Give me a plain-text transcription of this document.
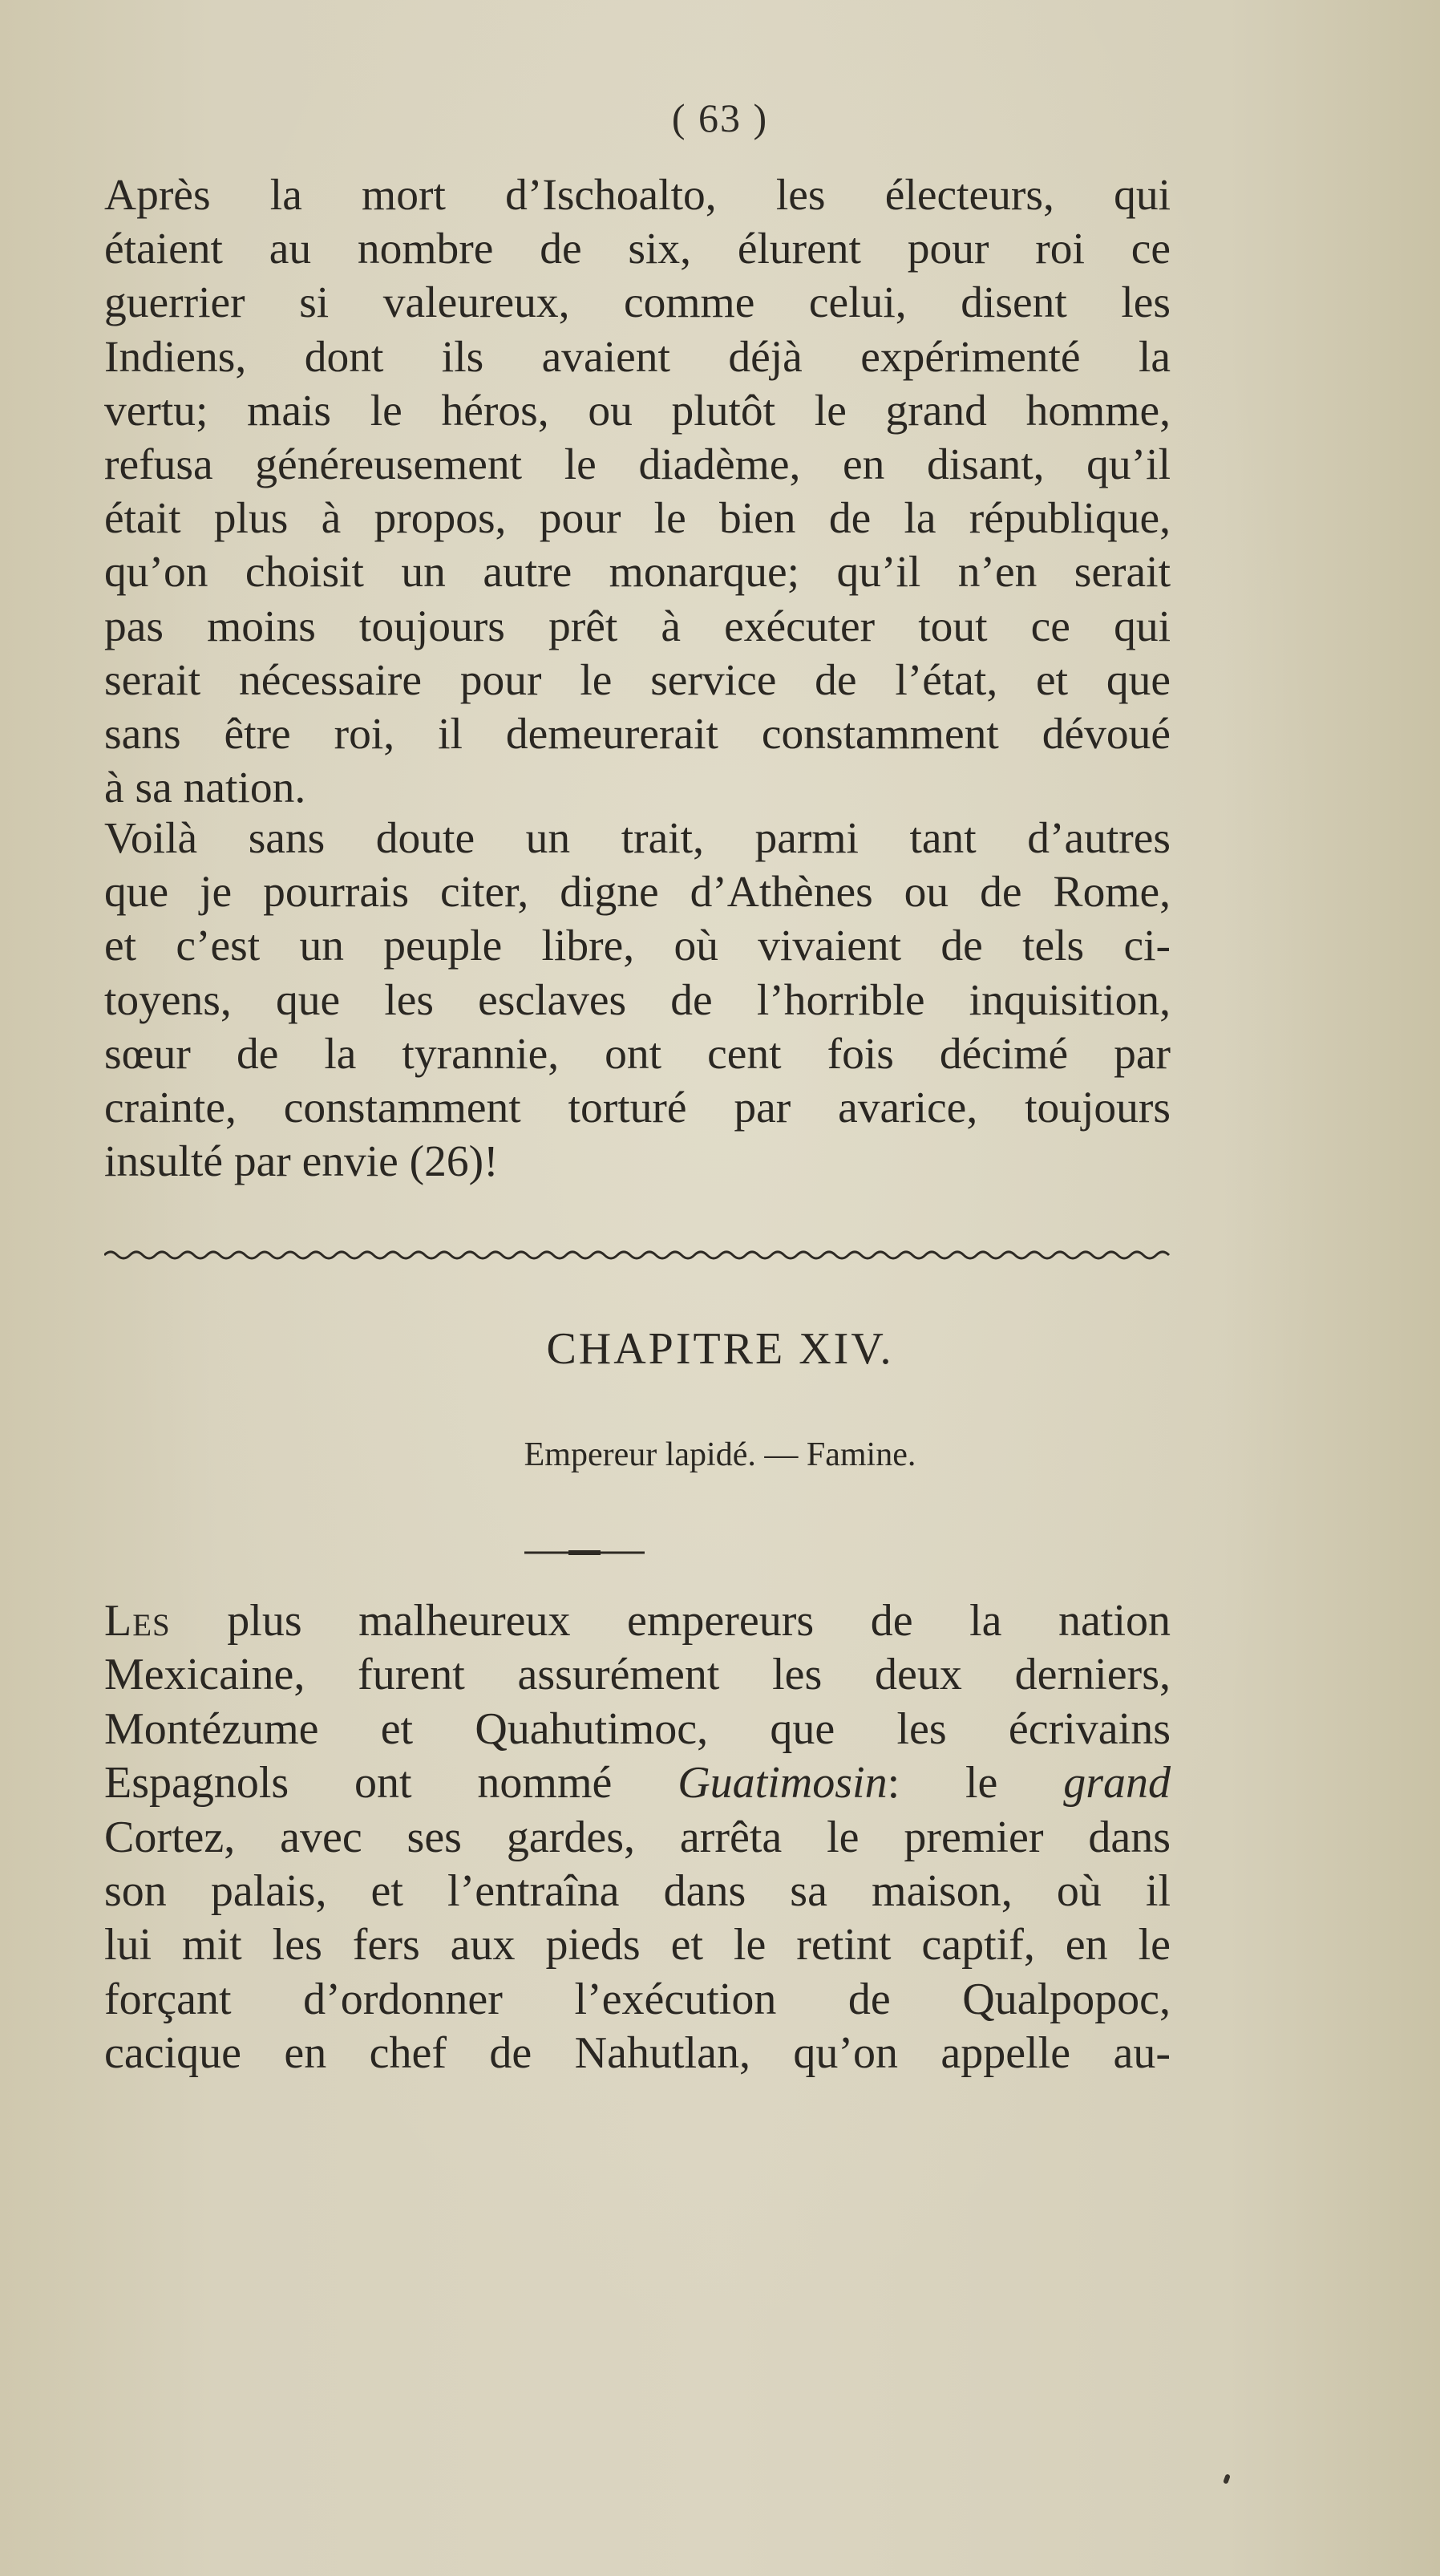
( 63 )
Après la mort d’Ischoalto, les électeurs, qui
étaient au nombre de six, élurent pour roi ce
guerrier si valeureux, comme celui, disent les
Indiens, dont ils avaient déjà expérimenté la
vertu; mais le héros, ou plutôt le grand homme,
refusa généreusement le diadème, en disant, qu’il
était plus à propos, pour le bien de la république,
qu’on choisit un autre monarque; qu’il n’en serait
pas moins toujours prêt à exécuter tout ce qui
serait nécessaire pour le service de l’état, et que
sans être roi, il demeurerait constamment dévoué
à sa nation.
Voilà sans doute un trait, parmi tant d’autres
que je pourrais citer, digne d’Athènes ou de Rome,
et c’est un peuple libre, où vivaient de tels ci-
toyens, que les esclaves de l’horrible inquisition,
sœur de la tyrannie, ont cent fois décimé par
crainte, constamment torturé par avarice, toujours
insulté par envie (26)!
CHAPITRE XIV.
Empereur lapidé. — Famine.
Les plus malheureux empereurs de la nation
Mexicaine, furent assurément les deux derniers,
Montézume et Quahutimoc, que les écrivains
Espagnols ont nommé Guatimosin: le grand
Cortez, avec ses gardes, arrêta le premier dans
son palais, et l’entraîna dans sa maison, où il
lui mit les fers aux pieds et le retint captif, en le
forçant d’ordonner l’exécution de Qualpopoc,
cacique en chef de Nahutlan, qu’on appelle au-
